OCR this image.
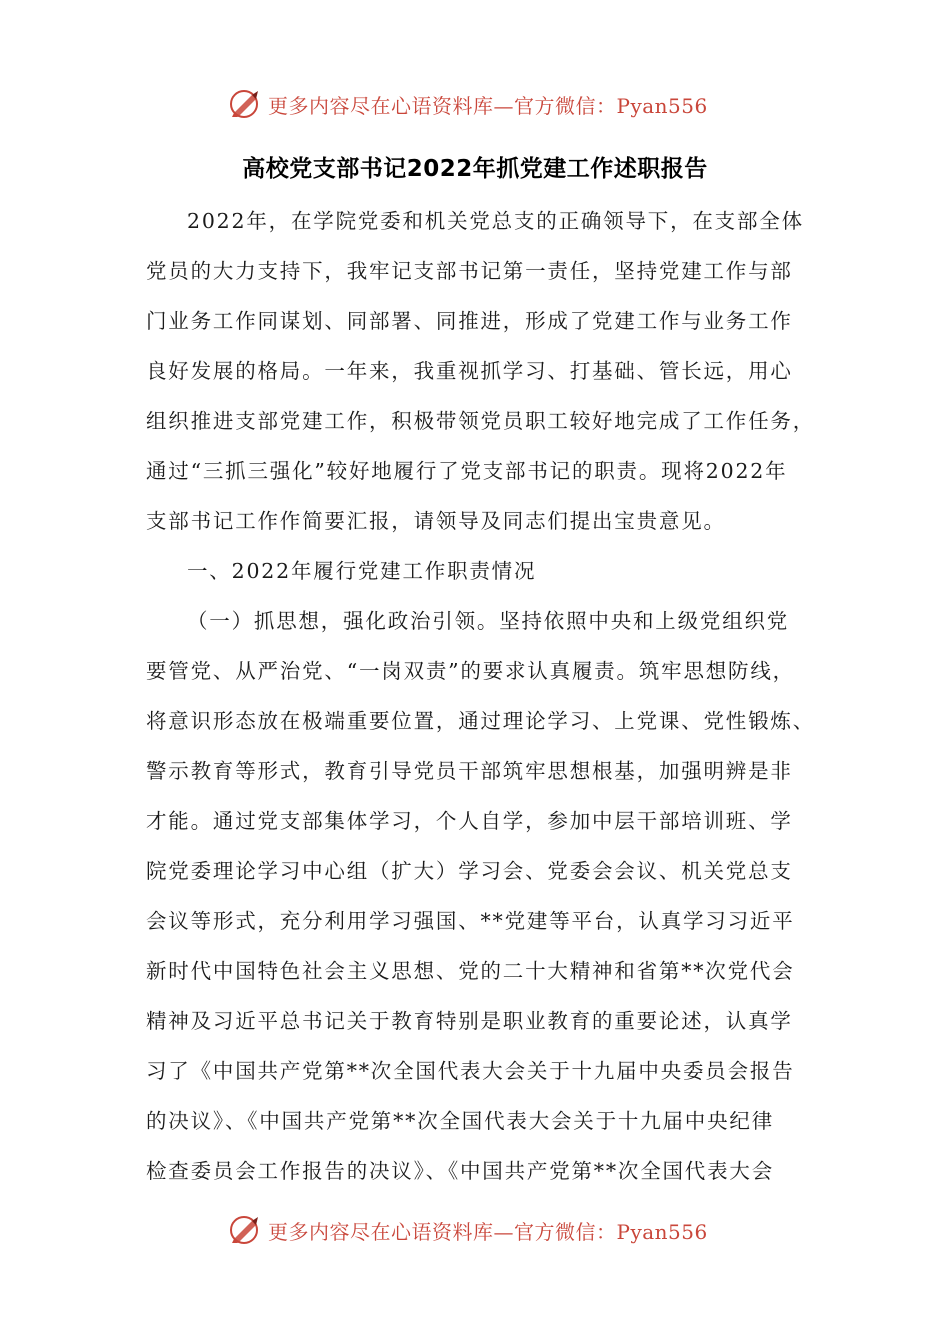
更多内容尽在心语资料库—官方微信：Pyan556
高校党支部书记2022年抓党建工作述职报告
2022年，在学院党委和机关党总支的正确领导下，在支部全体
党员的大力支持下，我牢记支部书记第一责任，坚持党建工作与部
门业务工作同谋划、同部署、同推进，形成了党建工作与业务工作
良好发展的格局。一年来，我重视抓学习、打基础、管长远，用心
组织推进支部党建工作，积极带领党员职工较好地完成了工作任务，
通过“三抓三强化”较好地履行了党支部书记的职责。现将2022年
支部书记工作作简要汇报，请领导及同志们提出宝贵意见。
一、2022年履行党建工作职责情况
（一）抓思想，强化政治引领。坚持依照中央和上级党组织党
要管党、从严治党、“一岗双责”的要求认真履责。筑牢思想防线，
将意识形态放在极端重要位置，通过理论学习、上党课、党性锻炼、
警示教育等形式，教育引导党员干部筑牢思想根基，加强明辨是非
才能。通过党支部集体学习，个人自学，参加中层干部培训班、学
院党委理论学习中心组（扩大）学习会、党委会会议、机关党总支
会议等形式，充分利用学习强国、**党建等平台，认真学习习近平
新时代中国特色社会主义思想、党的二十大精神和省第**次党代会
精神及习近平总书记关于教育特别是职业教育的重要论述，认真学
习了《中国共产党第**次全国代表大会关于十九届中央委员会报告
的决议》、《中国共产党第**次全国代表大会关于十九届中央纪律
检查委员会工作报告的决议》、《中国共产党第**次全国代表大会
更多内容尽在心语资料库—官方微信：Pyan556
